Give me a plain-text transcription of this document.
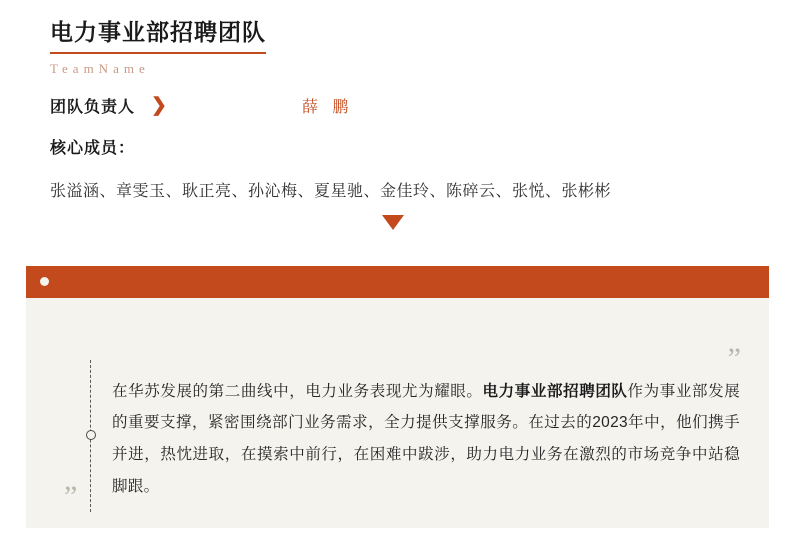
电力事业部招聘团队
TeamName
团队负责人 ❯	薛 鹏
核心成员：
张溢涵、章雯玉、耿正亮、孙沁梅、夏星驰、金佳玲、陈碎云、张悦、张彬彬
”
”

在华苏发展的第二曲线中，电力业务表现尤为耀眼。电力事业部招聘团队作为事业部发展的重要支撑，紧密围绕部门业务需求，全力提供支撑服务。在过去的2023年中，他们携手并进，热忱进取，在摸索中前行，在困难中跋涉，助力电力业务在激烈的市场竞争中站稳脚跟。
